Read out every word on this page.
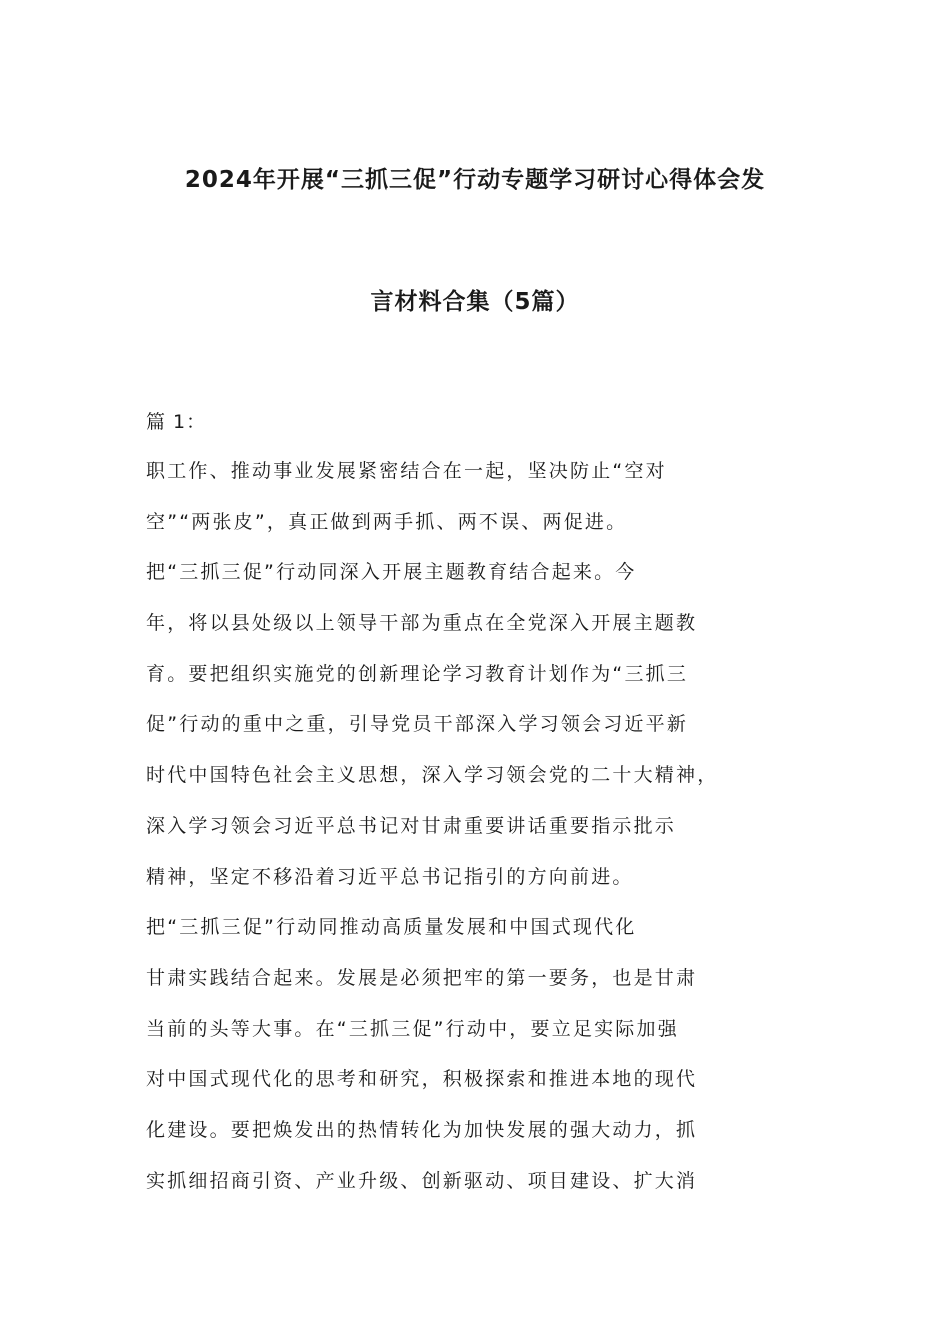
2024年开展“三抓三促”行动专题学习研讨心得体会发
言材料合集（5篇）
篇 1：
职工作、推动事业发展紧密结合在一起，坚决防止“空对
空”“两张皮”，真正做到两手抓、两不误、两促进。
把“三抓三促”行动同深入开展主题教育结合起来。今
年，将以县处级以上领导干部为重点在全党深入开展主题教
育。要把组织实施党的创新理论学习教育计划作为“三抓三
促”行动的重中之重，引导党员干部深入学习领会习近平新
时代中国特色社会主义思想，深入学习领会党的二十大精神，
深入学习领会习近平总书记对甘肃重要讲话重要指示批示
精神，坚定不移沿着习近平总书记指引的方向前进。
把“三抓三促”行动同推动高质量发展和中国式现代化
甘肃实践结合起来。发展是必须把牢的第一要务，也是甘肃
当前的头等大事。在“三抓三促”行动中，要立足实际加强
对中国式现代化的思考和研究，积极探索和推进本地的现代
化建设。要把焕发出的热情转化为加快发展的强大动力，抓
实抓细招商引资、产业升级、创新驱动、项目建设、扩大消
